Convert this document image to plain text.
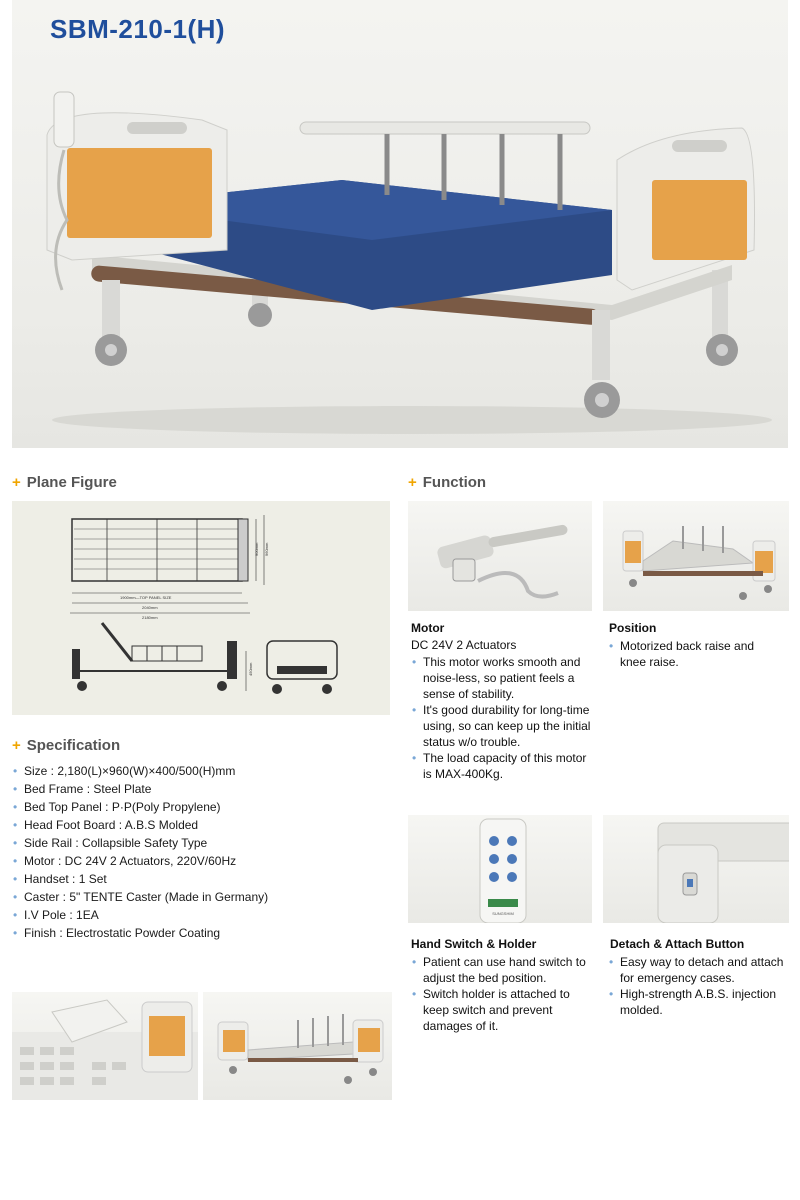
SBM-210-1(H)
+ Plane Figure	+ Function
+ Specification
1900mm—TOP PANEL SIZE
2040mm
2180mm
900mm 960mm
450mm
• Size : 2,180(L)×960(W)×400/500(H)mm
• Bed Frame : Steel Plate
• Bed Top Panel : P·P(Poly Propylene)
• Head Foot Board : A.B.S Molded
• Side Rail : Collapsible Safety Type
• Motor : DC 24V 2 Actuators, 220V/60Hz
• Handset : 1 Set
• Caster : 5" TENTE Caster (Made in Germany)
• I.V Pole : 1EA
• Finish : Electrostatic Powder Coating
Motor
DC 24V 2 Actuators
• This motor works smooth and noise-less, so patient feels a sense of stability.
• It's good durability for long-time using, so can keep up the initial status w/o trouble.
• The load capacity of this motor is MAX-400Kg.
Position
• Motorized back raise and knee raise.
SUNGSHIM
Hand Switch & Holder
• Patient can use hand switch to adjust the bed position.
• Switch holder is attached to keep switch and prevent damages of it.
Detach & Attach Button
• Easy way to detach and attach for emergency cases.
• High-strength A.B.S. injection molded.
